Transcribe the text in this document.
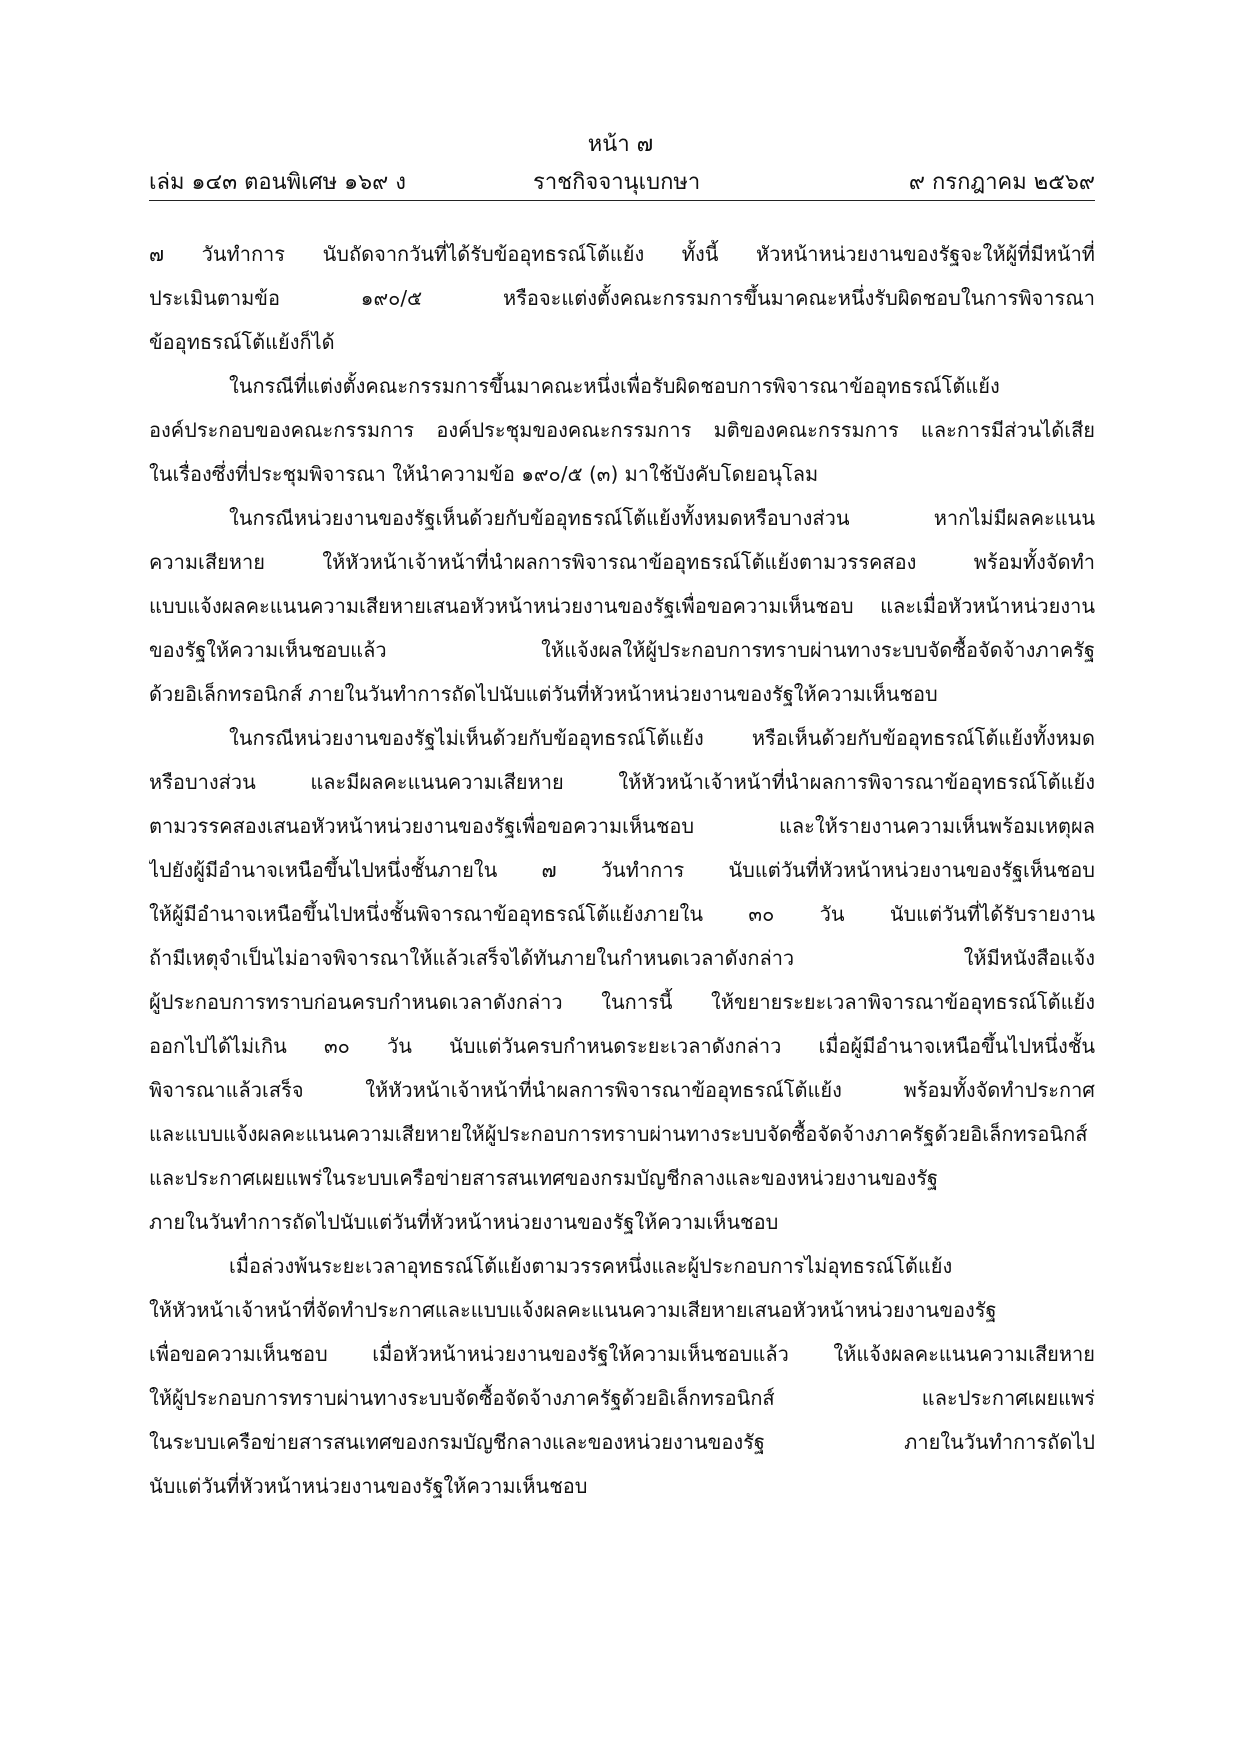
หน้า ๗
เล่ม ๑๔๓ ตอนพิเศษ ๑๖๙ ง	ราชกิจจานุเบกษา	๙ กรกฎาคม ๒๕๖๙
๗ วันทำการ นับถัดจากวันที่ได้รับข้ออุทธรณ์โต้แย้ง ทั้งนี้ หัวหน้าหน่วยงานของรัฐจะให้ผู้ที่มีหน้าที่
ประเมินตามข้อ ๑๙๐/๕ หรือจะแต่งตั้งคณะกรรมการขึ้นมาคณะหนึ่งรับผิดชอบในการพิจารณา
ข้ออุทธรณ์โต้แย้งก็ได้
ในกรณีที่แต่งตั้งคณะกรรมการขึ้นมาคณะหนึ่งเพื่อรับผิดชอบการพิจารณาข้ออุทธรณ์โต้แย้ง
องค์ประกอบของคณะกรรมการ องค์ประชุมของคณะกรรมการ มติของคณะกรรมการ และการมีส่วนได้เสีย
ในเรื่องซึ่งที่ประชุมพิจารณา ให้นำความข้อ ๑๙๐/๕ (๓) มาใช้บังคับโดยอนุโลม
ในกรณีหน่วยงานของรัฐเห็นด้วยกับข้ออุทธรณ์โต้แย้งทั้งหมดหรือบางส่วน หากไม่มีผลคะแนน
ความเสียหาย ให้หัวหน้าเจ้าหน้าที่นำผลการพิจารณาข้ออุทธรณ์โต้แย้งตามวรรคสอง พร้อมทั้งจัดทำ
แบบแจ้งผลคะแนนความเสียหายเสนอหัวหน้าหน่วยงานของรัฐเพื่อขอความเห็นชอบ และเมื่อหัวหน้าหน่วยงาน
ของรัฐให้ความเห็นชอบแล้ว ให้แจ้งผลให้ผู้ประกอบการทราบผ่านทางระบบจัดซื้อจัดจ้างภาครัฐ
ด้วยอิเล็กทรอนิกส์ ภายในวันทำการถัดไปนับแต่วันที่หัวหน้าหน่วยงานของรัฐให้ความเห็นชอบ
ในกรณีหน่วยงานของรัฐไม่เห็นด้วยกับข้ออุทธรณ์โต้แย้ง หรือเห็นด้วยกับข้ออุทธรณ์โต้แย้งทั้งหมด
หรือบางส่วน และมีผลคะแนนความเสียหาย ให้หัวหน้าเจ้าหน้าที่นำผลการพิจารณาข้ออุทธรณ์โต้แย้ง
ตามวรรคสองเสนอหัวหน้าหน่วยงานของรัฐเพื่อขอความเห็นชอบ และให้รายงานความเห็นพร้อมเหตุผล
ไปยังผู้มีอำนาจเหนือขึ้นไปหนึ่งชั้นภายใน ๗ วันทำการ นับแต่วันที่หัวหน้าหน่วยงานของรัฐเห็นชอบ
ให้ผู้มีอำนาจเหนือขึ้นไปหนึ่งชั้นพิจารณาข้ออุทธรณ์โต้แย้งภายใน ๓๐ วัน นับแต่วันที่ได้รับรายงาน
ถ้ามีเหตุจำเป็นไม่อาจพิจารณาให้แล้วเสร็จได้ทันภายในกำหนดเวลาดังกล่าว ให้มีหนังสือแจ้ง
ผู้ประกอบการทราบก่อนครบกำหนดเวลาดังกล่าว ในการนี้ ให้ขยายระยะเวลาพิจารณาข้ออุทธรณ์โต้แย้ง
ออกไปได้ไม่เกิน ๓๐ วัน นับแต่วันครบกำหนดระยะเวลาดังกล่าว เมื่อผู้มีอำนาจเหนือขึ้นไปหนึ่งชั้น
พิจารณาแล้วเสร็จ ให้หัวหน้าเจ้าหน้าที่นำผลการพิจารณาข้ออุทธรณ์โต้แย้ง พร้อมทั้งจัดทำประกาศ
และแบบแจ้งผลคะแนนความเสียหายให้ผู้ประกอบการทราบผ่านทางระบบจัดซื้อจัดจ้างภาครัฐด้วยอิเล็กทรอนิกส์
และประกาศเผยแพร่ในระบบเครือข่ายสารสนเทศของกรมบัญชีกลางและของหน่วยงานของรัฐ
ภายในวันทำการถัดไปนับแต่วันที่หัวหน้าหน่วยงานของรัฐให้ความเห็นชอบ
เมื่อล่วงพ้นระยะเวลาอุทธรณ์โต้แย้งตามวรรคหนึ่งและผู้ประกอบการไม่อุทธรณ์โต้แย้ง
ให้หัวหน้าเจ้าหน้าที่จัดทำประกาศและแบบแจ้งผลคะแนนความเสียหายเสนอหัวหน้าหน่วยงานของรัฐ
เพื่อขอความเห็นชอบ เมื่อหัวหน้าหน่วยงานของรัฐให้ความเห็นชอบแล้ว ให้แจ้งผลคะแนนความเสียหาย
ให้ผู้ประกอบการทราบผ่านทางระบบจัดซื้อจัดจ้างภาครัฐด้วยอิเล็กทรอนิกส์ และประกาศเผยแพร่
ในระบบเครือข่ายสารสนเทศของกรมบัญชีกลางและของหน่วยงานของรัฐ ภายในวันทำการถัดไป
นับแต่วันที่หัวหน้าหน่วยงานของรัฐให้ความเห็นชอบ
